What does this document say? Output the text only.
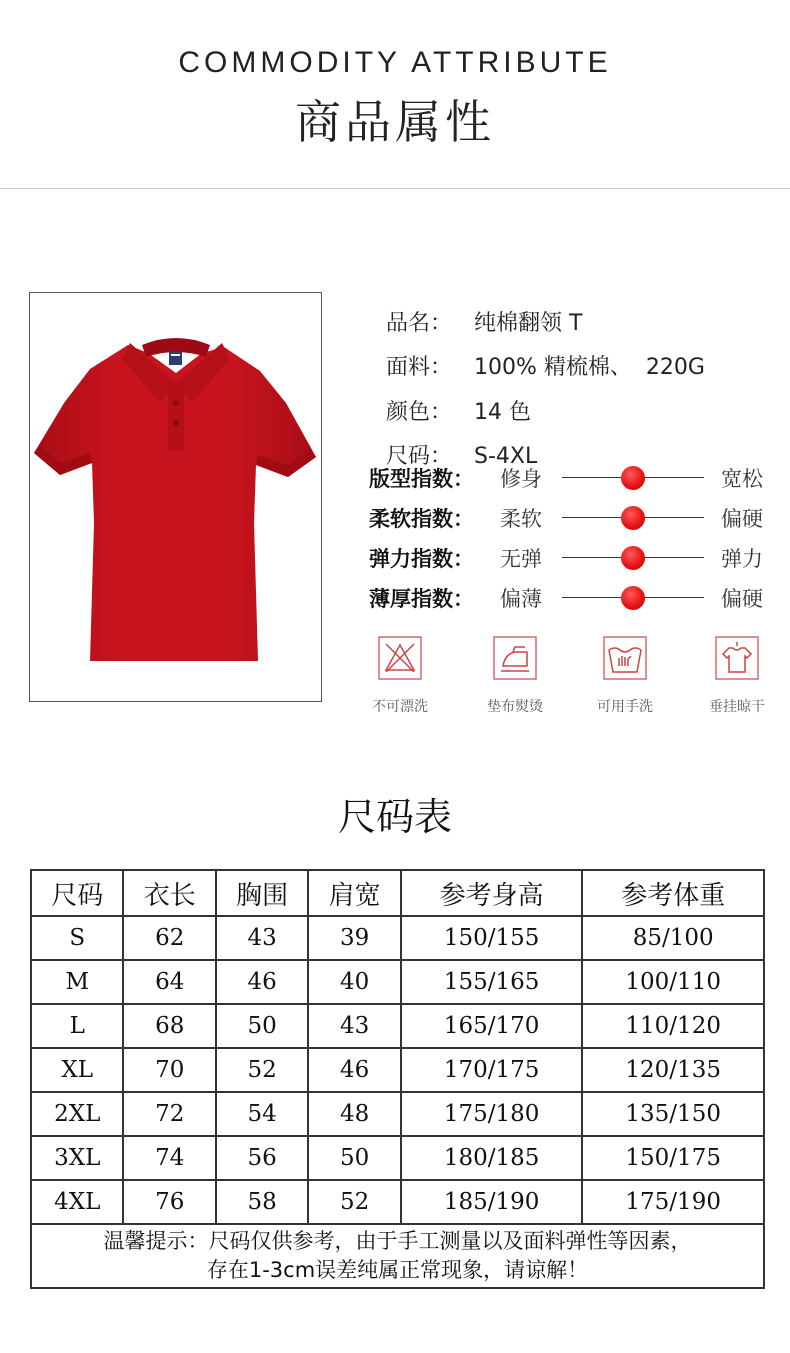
COMMODITY ATTRIBUTE
商品属性

品名： 纯棉翻领 T

面料： 100% 精梳棉、  220G

颜色： 14 色

尺码： S-4XL

版型指数： 修身	宽松
柔软指数： 柔软	偏硬
弹力指数： 无弹	弹力
薄厚指数： 偏薄	偏硬
不可漂洗	垫布熨烫	可用手洗	垂挂晾干
尺码表
尺码	衣长	胸围	肩宽	参考身高	参考体重
S	62	43	39	150/155	85/100
M	64	46	40	155/165	100/110
L	68	50	43	165/170	110/120
XL	70	52	46	170/175	120/135
2XL	72	54	48	175/180	135/150
3XL	74	56	50	180/185	150/175
4XL	76	58	52	185/190	175/190

温馨提示：尺码仅供参考，由于手工测量以及面料弹性等因素，
存在1-3cm误差纯属正常现象，请谅解！					
